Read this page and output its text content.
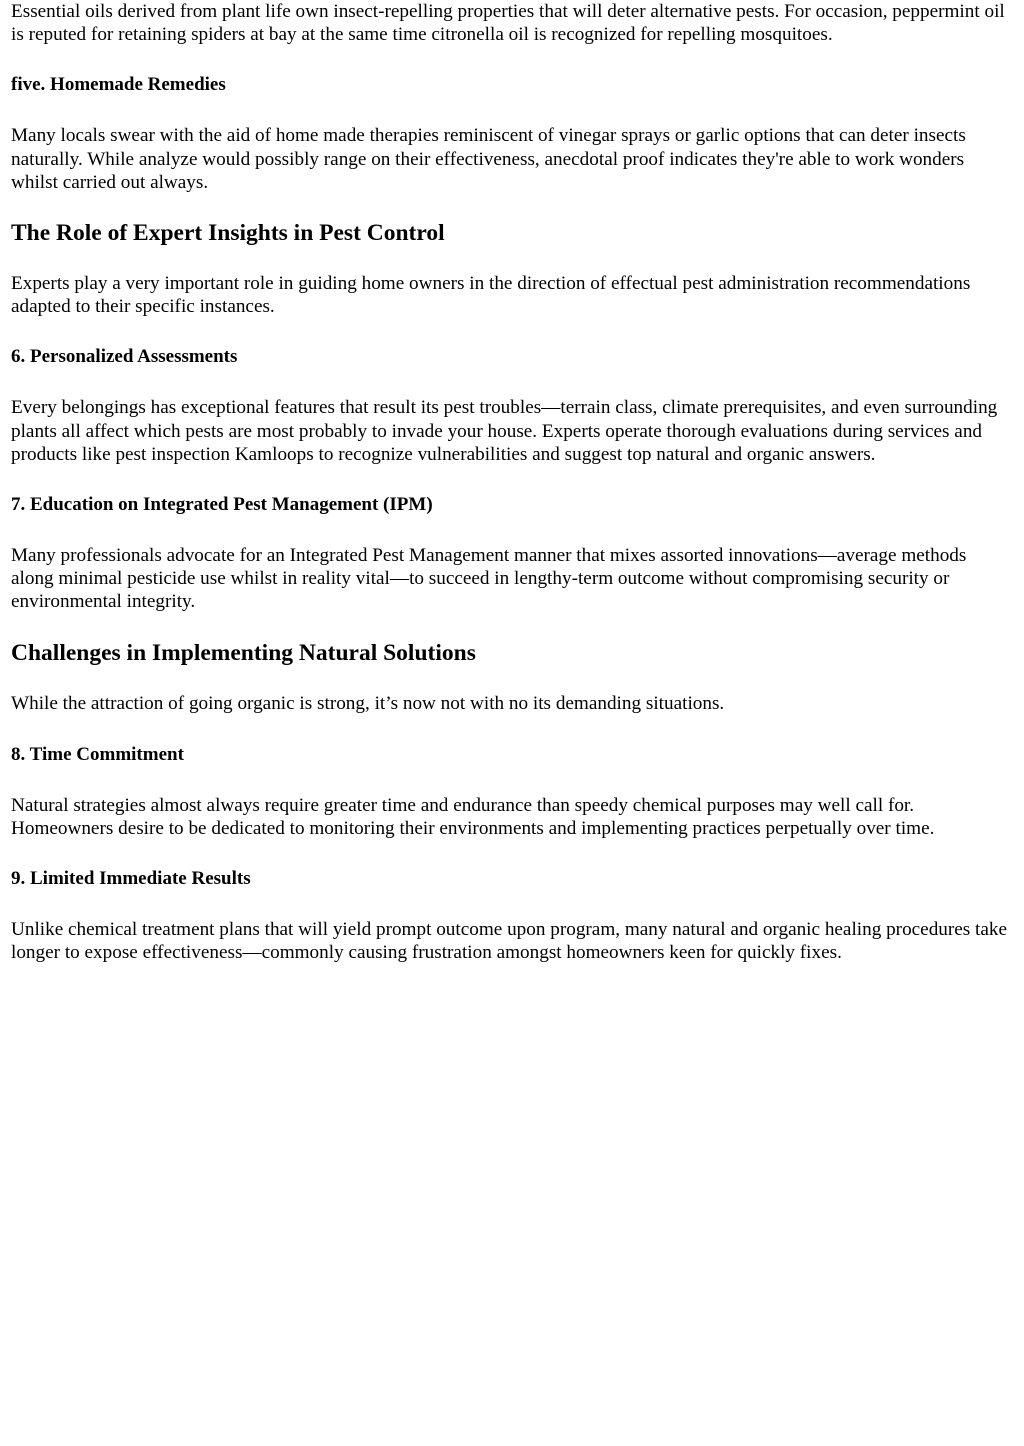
Essential oils derived from plant life own insect-repelling properties that will deter alternative pests. For occasion, peppermint oil is reputed for retaining spiders at bay at the same time citronella oil is recognized for repelling mosquitoes.

five. Homemade Remedies

Many locals swear with the aid of home made therapies reminiscent of vinegar sprays or garlic options that can deter insects naturally. While analyze would possibly range on their effectiveness, anecdotal proof indicates they're able to work wonders whilst carried out always.

The Role of Expert Insights in Pest Control

Experts play a very important role in guiding home owners in the direction of effectual pest administration recommendations adapted to their specific instances.

6. Personalized Assessments

Every belongings has exceptional features that result its pest troubles—terrain class, climate prerequisites, and even surrounding plants all affect which pests are most probably to invade your house. Experts operate thorough evaluations during services and products like pest inspection Kamloops to recognize vulnerabilities and suggest top natural and organic answers.

7. Education on Integrated Pest Management (IPM)

Many professionals advocate for an Integrated Pest Management manner that mixes assorted innovations—average methods along minimal pesticide use whilst in reality vital—to succeed in lengthy-term outcome without compromising security or environmental integrity.

Challenges in Implementing Natural Solutions

While the attraction of going organic is strong, it’s now not with no its demanding situations.

8. Time Commitment

Natural strategies almost always require greater time and endurance than speedy chemical purposes may well call for. Homeowners desire to be dedicated to monitoring their environments and implementing practices perpetually over time.

9. Limited Immediate Results

Unlike chemical treatment plans that will yield prompt outcome upon program, many natural and organic healing procedures take longer to expose effectiveness—commonly causing frustration amongst homeowners keen for quickly fixes.
